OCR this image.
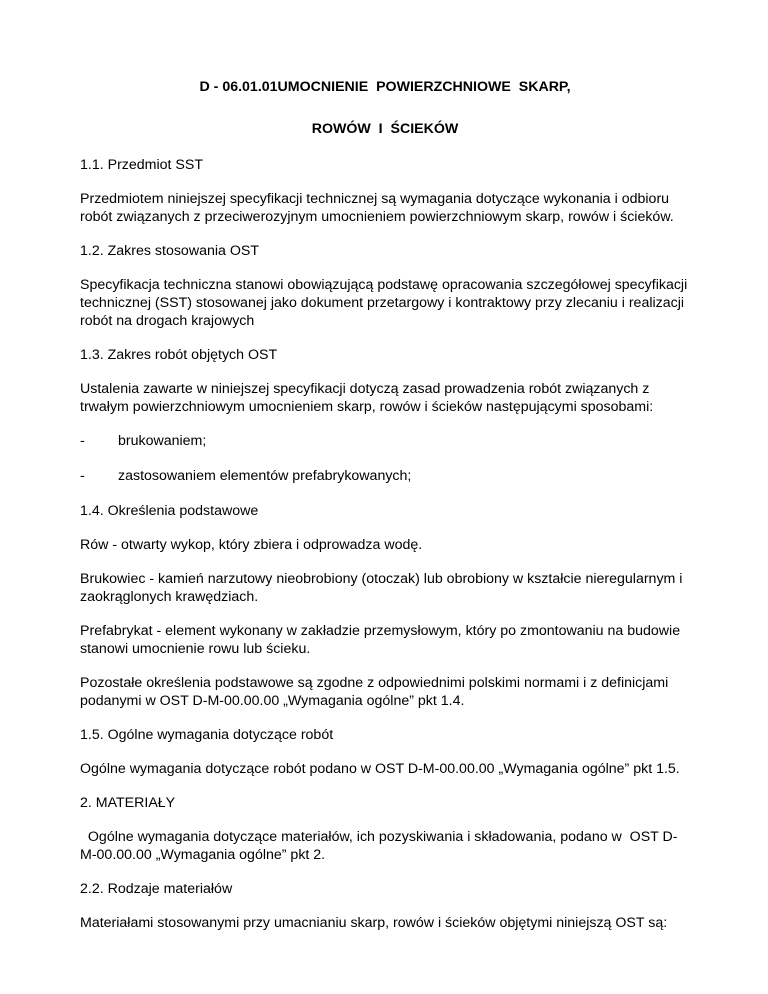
D - 06.01.01UMOCNIENIE  POWIERZCHNIOWE  SKARP,
ROWÓW  I  ŚCIEKÓW

1.1. Przedmiot SST

Przedmiotem niniejszej specyfikacji technicznej są wymagania dotyczące wykonania i odbioru robót związanych z przeciwerozyjnym umocnieniem powierzchniowym skarp, rowów i ścieków.

1.2. Zakres stosowania OST

Specyfikacja techniczna stanowi obowiązującą podstawę opracowania szczegółowej specyfikacji technicznej (SST) stosowanej jako dokument przetargowy i kontraktowy przy zlecaniu i realizacji robót na drogach krajowych

1.3. Zakres robót objętych OST

Ustalenia zawarte w niniejszej specyfikacji dotyczą zasad prowadzenia robót związanych z trwałym powierzchniowym umocnieniem skarp, rowów i ścieków następującymi sposobami:

-	brukowaniem;
-	zastosowaniem elementów prefabrykowanych;

1.4. Określenia podstawowe

Rów - otwarty wykop, który zbiera i odprowadza wodę.

Brukowiec - kamień narzutowy nieobrobiony (otoczak) lub obrobiony w kształcie nieregularnym i zaokrąglonych krawędziach.

Prefabrykat - element wykonany w zakładzie przemysłowym, który po zmontowaniu na budowie stanowi umocnienie rowu lub ścieku.

Pozostałe określenia podstawowe są zgodne z odpowiednimi polskimi normami i z definicjami podanymi w OST D-M-00.00.00 „Wymagania ogólne” pkt 1.4.

1.5. Ogólne wymagania dotyczące robót

Ogólne wymagania dotyczące robót podano w OST D-M-00.00.00 „Wymagania ogólne” pkt 1.5.

2. MATERIAŁY

Ogólne wymagania dotyczące materiałów, ich pozyskiwania i składowania, podano w  OST D-M-00.00.00 „Wymagania ogólne” pkt 2.

2.2. Rodzaje materiałów

Materiałami stosowanymi przy umacnianiu skarp, rowów i ścieków objętymi niniejszą OST są:
